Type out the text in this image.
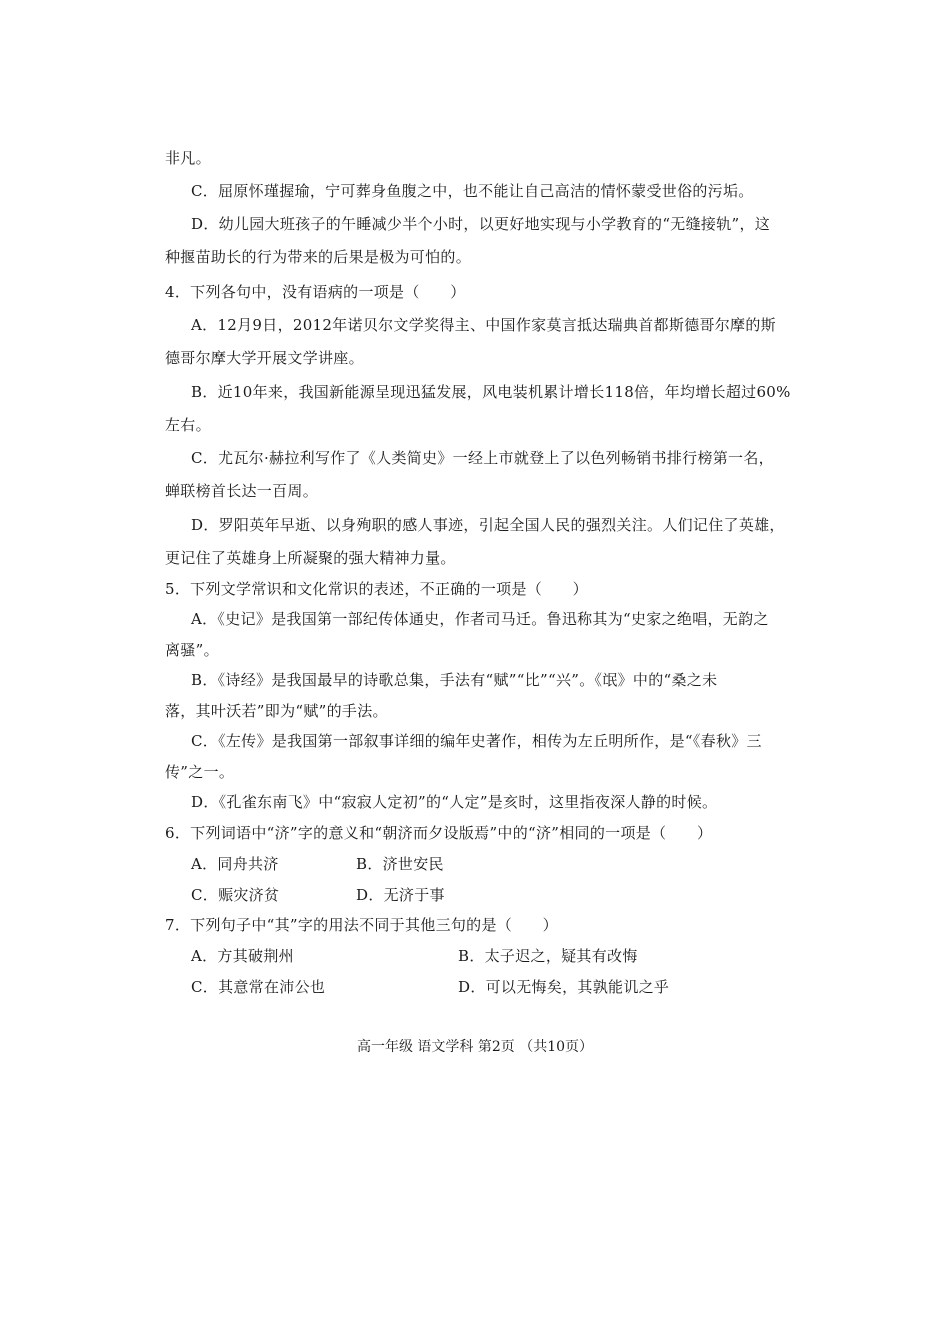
非凡。
C．屈原怀瑾握瑜，宁可葬身鱼腹之中，也不能让自己高洁的情怀蒙受世俗的污垢。
D．幼儿园大班孩子的午睡减少半个小时，以更好地实现与小学教育的“无缝接轨”，这
种揠苗助长的行为带来的后果是极为可怕的。
4．下列各句中，没有语病的一项是（　　）
A．12月9日，2012年诺贝尔文学奖得主、中国作家莫言抵达瑞典首都斯德哥尔摩的斯
德哥尔摩大学开展文学讲座。
B．近10年来，我国新能源呈现迅猛发展，风电装机累计增长118倍，年均增长超过60%
左右。
C．尤瓦尔·赫拉利写作了《人类简史》一经上市就登上了以色列畅销书排行榜第一名，
蝉联榜首长达一百周。
D．罗阳英年早逝、以身殉职的感人事迹，引起全国人民的强烈关注。人们记住了英雄，
更记住了英雄身上所凝聚的强大精神力量。
5．下列文学常识和文化常识的表述，不正确的一项是（　　）
A．《史记》是我国第一部纪传体通史，作者司马迁。鲁迅称其为“史家之绝唱，无韵之
离骚”。
B．《诗经》是我国最早的诗歌总集，手法有“赋”“比”“兴”。《氓》中的“桑之未
落，其叶沃若”即为“赋”的手法。
C．《左传》是我国第一部叙事详细的编年史著作，相传为左丘明所作，是“《春秋》三
传”之一。
D．《孔雀东南飞》中“寂寂人定初”的“人定”是亥时，这里指夜深人静的时候。
6．下列词语中“济”字的意义和“朝济而夕设版焉”中的“济”相同的一项是（　　）
A．同舟共济	B．济世安民
C．赈灾济贫	D．无济于事
7．下列句子中“其”字的用法不同于其他三句的是（　　）
A．方其破荆州	B．太子迟之，疑其有改悔
C．其意常在沛公也	D．可以无悔矣，其孰能讥之乎
高一年级 语文学科 第2页 （共10页）
